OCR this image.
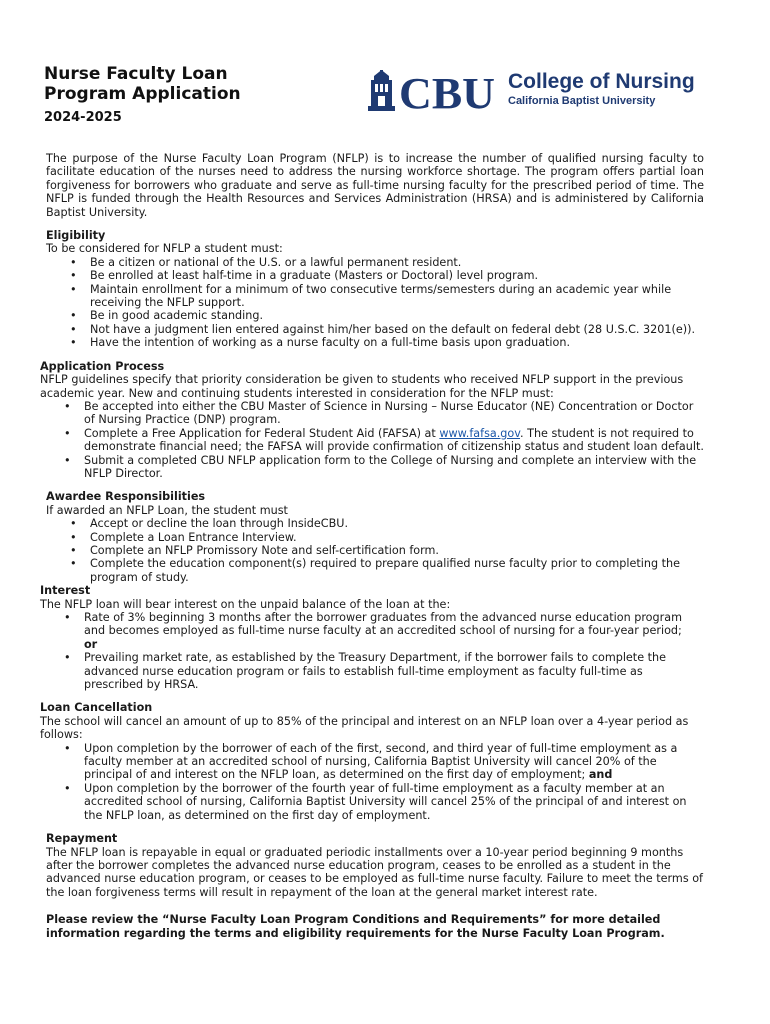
Nurse Faculty Loan
Program Application
2024-2025	CBU College of Nursing
California Baptist University

The purpose of the Nurse Faculty Loan Program (NFLP) is to increase the number of qualified nursing faculty to facilitate education of the nurses need to address the nursing workforce shortage. The program offers partial loan forgiveness for borrowers who graduate and serve as full-time nursing faculty for the prescribed period of time. The NFLP is funded through the Health Resources and Services Administration (HRSA) and is administered by California Baptist University.

Eligibility
To be considered for NFLP a student must:
• Be a citizen or national of the U.S. or a lawful permanent resident.
• Be enrolled at least half-time in a graduate (Masters or Doctoral) level program.
• Maintain enrollment for a minimum of two consecutive terms/semesters during an academic year while receiving the NFLP support.
• Be in good academic standing.
• Not have a judgment lien entered against him/her based on the default on federal debt (28 U.S.C. 3201(e)).
• Have the intention of working as a nurse faculty on a full-time basis upon graduation.
Application Process
NFLP guidelines specify that priority consideration be given to students who received NFLP support in the previous academic year. New and continuing students interested in consideration for the NFLP must:
• Be accepted into either the CBU Master of Science in Nursing – Nurse Educator (NE) Concentration or Doctor of Nursing Practice (DNP) program.
• Complete a Free Application for Federal Student Aid (FAFSA) at www.fafsa.gov. The student is not required to demonstrate financial need; the FAFSA will provide confirmation of citizenship status and student loan default.
• Submit a completed CBU NFLP application form to the College of Nursing and complete an interview with the NFLP Director.
Awardee Responsibilities
If awarded an NFLP Loan, the student must
• Accept or decline the loan through InsideCBU.
• Complete a Loan Entrance Interview.
• Complete an NFLP Promissory Note and self-certification form.
• Complete the education component(s) required to prepare qualified nurse faculty prior to completing the program of study.
Interest
The NFLP loan will bear interest on the unpaid balance of the loan at the:
• Rate of 3% beginning 3 months after the borrower graduates from the advanced nurse education program and becomes employed as full-time nurse faculty at an accredited school of nursing for a four-year period;
or
• Prevailing market rate, as established by the Treasury Department, if the borrower fails to complete the advanced nurse education program or fails to establish full-time employment as faculty full-time as prescribed by HRSA.
Loan Cancellation
The school will cancel an amount of up to 85% of the principal and interest on an NFLP loan over a 4-year period as follows:
• Upon completion by the borrower of each of the first, second, and third year of full-time employment as a faculty member at an accredited school of nursing, California Baptist University will cancel 20% of the principal of and interest on the NFLP loan, as determined on the first day of employment; and
• Upon completion by the borrower of the fourth year of full-time employment as a faculty member at an accredited school of nursing, California Baptist University will cancel 25% of the principal of and interest on the NFLP loan, as determined on the first day of employment.
Repayment

The NFLP loan is repayable in equal or graduated periodic installments over a 10-year period beginning 9 months after the borrower completes the advanced nurse education program, ceases to be enrolled as a student in the advanced nurse education program, or ceases to be employed as full-time nurse faculty. Failure to meet the terms of the loan forgiveness terms will result in repayment of the loan at the general market interest rate.

Please review the “Nurse Faculty Loan Program Conditions and Requirements” for more detailed information regarding the terms and eligibility requirements for the Nurse Faculty Loan Program.
